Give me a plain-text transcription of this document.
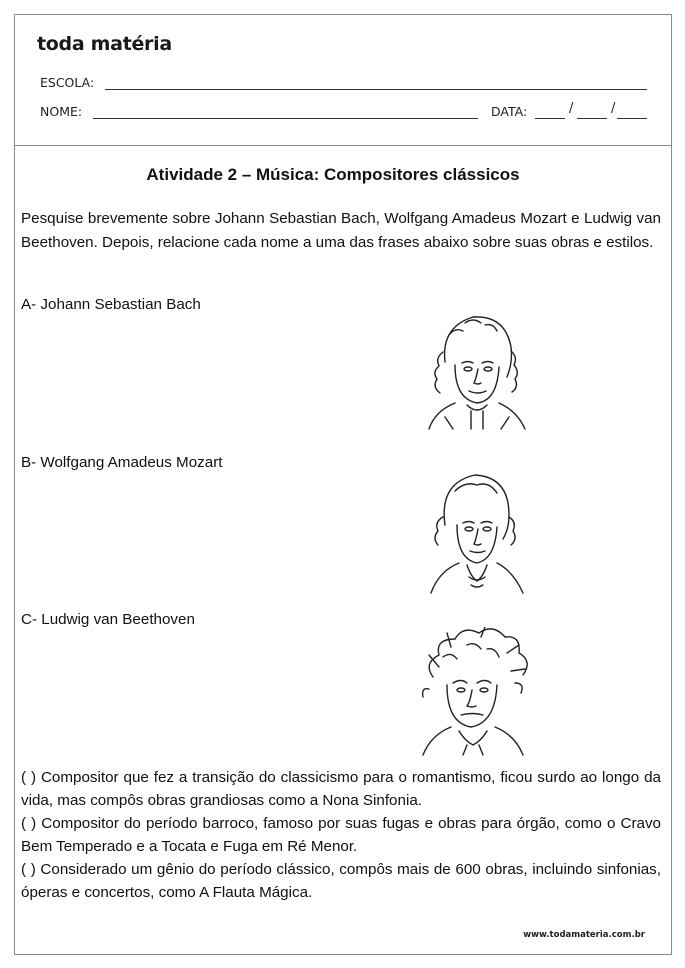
toda matéria
ESCOLA:
NOME:	DATA:	/	/
Atividade 2 – Música: Compositores clássicos
Pesquise brevemente sobre Johann Sebastian Bach, Wolfgang Amadeus Mozart e Ludwig van Beethoven. Depois, relacione cada nome a uma das frases abaixo sobre suas obras e estilos.
A- Johann Sebastian Bach
B- Wolfgang Amadeus Mozart
C- Ludwig van Beethoven
( ) Compositor que fez a transição do classicismo para o romantismo, ficou surdo ao longo da vida, mas compôs obras grandiosas como a Nona Sinfonia.
( ) Compositor do período barroco, famoso por suas fugas e obras para órgão, como o Cravo Bem Temperado e a Tocata e Fuga em Ré Menor.
( ) Considerado um gênio do período clássico, compôs mais de 600 obras, incluindo sinfonias, óperas e concertos, como A Flauta Mágica.
www.todamateria.com.br
